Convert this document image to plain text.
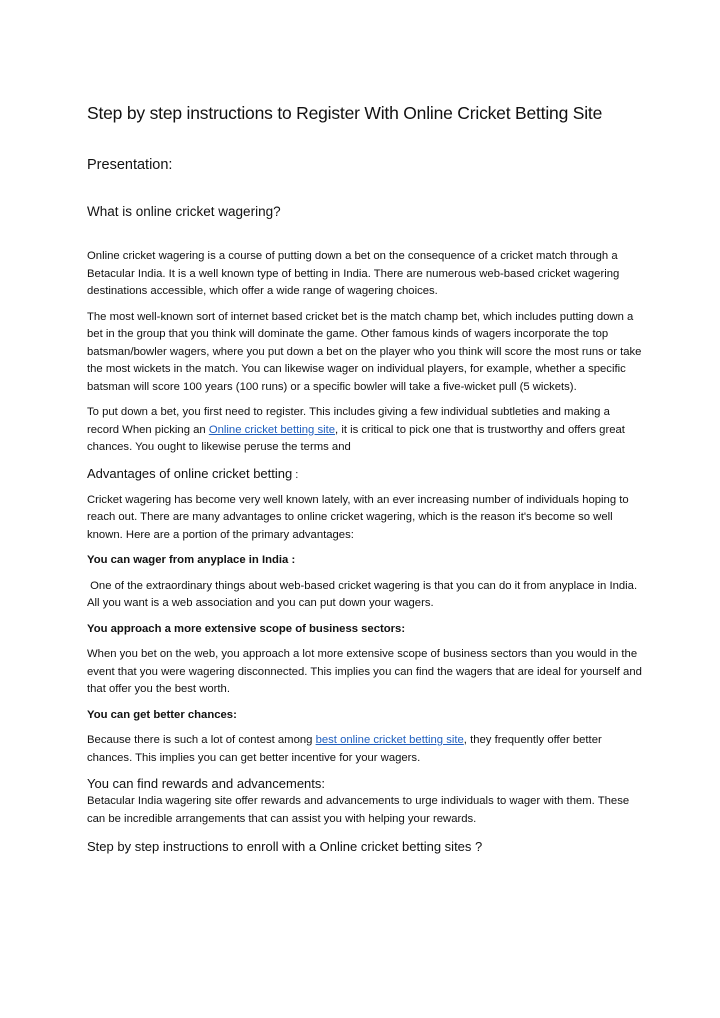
Step by step instructions to Register With Online Cricket Betting Site
Presentation:
What is online cricket wagering?

Online cricket wagering is a course of putting down a bet on the consequence of a cricket match through a Betacular India. It is a well known type of betting in India. There are numerous web-based cricket wagering destinations accessible, which offer a wide range of wagering choices.

The most well-known sort of internet based cricket bet is the match champ bet, which includes putting down a bet in the group that you think will dominate the game. Other famous kinds of wagers incorporate the top batsman/bowler wagers, where you put down a bet on the player who you think will score the most runs or take the most wickets in the match. You can likewise wager on individual players, for example, whether a specific batsman will score 100 years (100 runs) or a specific bowler will take a five-wicket pull (5 wickets).

To put down a bet, you first need to register. This includes giving a few individual subtleties and making a record When picking an Online cricket betting site, it is critical to pick one that is trustworthy and offers great chances. You ought to likewise peruse the terms and

Advantages of online cricket betting :

Cricket wagering has become very well known lately, with an ever increasing number of individuals hoping to reach out. There are many advantages to online cricket wagering, which is the reason it's become so well known. Here are a portion of the primary advantages:

You can wager from anyplace in India :

One of the extraordinary things about web-based cricket wagering is that you can do it from anyplace in India. All you want is a web association and you can put down your wagers.

You approach a more extensive scope of business sectors:

When you bet on the web, you approach a lot more extensive scope of business sectors than you would in the event that you were wagering disconnected. This implies you can find the wagers that are ideal for yourself and that offer you the best worth.

You can get better chances:

Because there is such a lot of contest among best online cricket betting site, they frequently offer better chances. This implies you can get better incentive for your wagers.

You can find rewards and advancements:

Betacular India wagering site offer rewards and advancements to urge individuals to wager with them. These can be incredible arrangements that can assist you with helping your rewards.

Step by step instructions to enroll with a Online cricket betting sites ?
